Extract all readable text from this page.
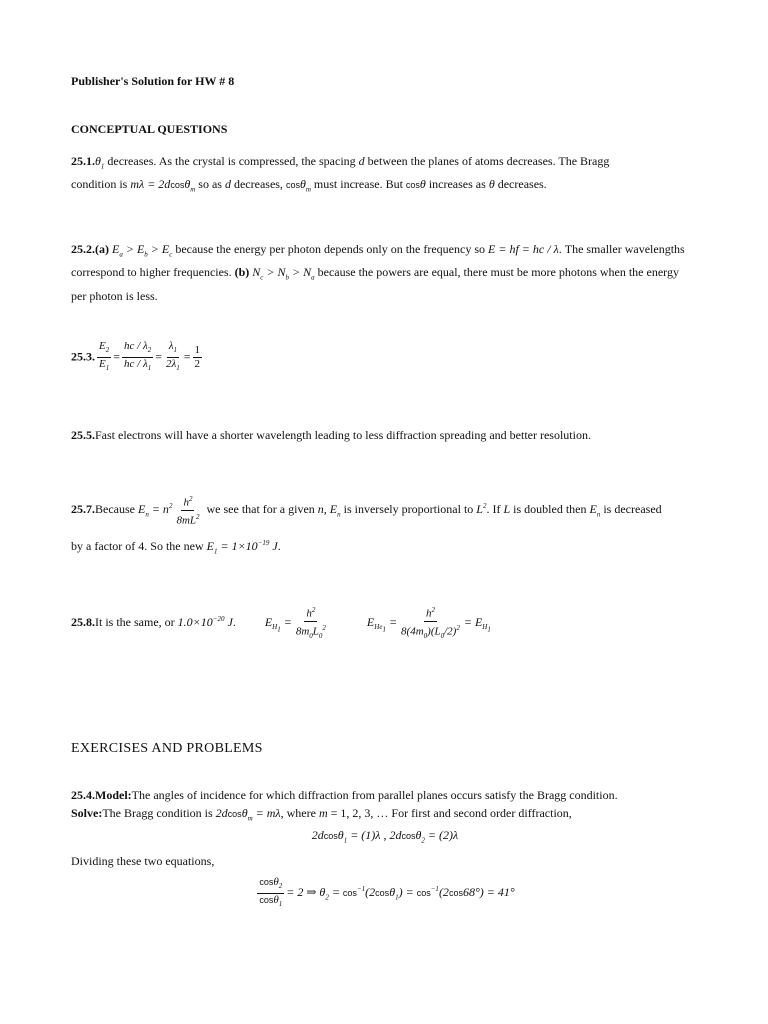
Publisher's Solution for HW # 8
CONCEPTUAL QUESTIONS
$25.1.\theta_1$ decreases. As the crystal is compressed, the spacing d between the planes of atoms decreases. The Bragg
condition is mλ = 2dcosθ$_m$ so as d decreases, cosθ$_m$ must increase. But cosθ increases as θ decreases.
25.2.(a) $E_a > E_b > E_c$ because the energy per photon depends only on the frequency so E = hf = hc / λ. The smaller wavelengths
correspond to higher frequencies. (b) $N_c > N_b > N_a$ because the powers are equal, there must be more photons when the energy
per photon is less.
25.3. $\frac{E_2}{E_1} = \frac{hc / \lambda_2}{hc / \lambda_1} = \frac{\lambda_1}{2\lambda_1} = \frac{1}{2}$
25.5.Fast electrons will have a shorter wavelength leading to less diffraction spreading and better resolution.
25.7.Because $E_n = n^2 \frac{h^2}{8mL^2}$ we see that for a given n, $E_n$ is inversely proportional to $L^2$. If L is doubled then $E_n$ is decreased
by a factor of 4. So the new $E_1 = 1\times 10^{-19}$ J.
25.8.It is the same, or $1.0\times 10^{-20}$ J. $E_{H_1} = \frac{h^2}{8m_0L_0^2}$	$E_{He_1} = \frac{h^2}{8(4m_0)(L_0/2)^2} = E_{H_1}$
EXERCISES AND PROBLEMS
25.4.Model:The angles of incidence for which diffraction from parallel planes occurs satisfy the Bragg condition.
Solve:The Bragg condition is 2dcosθ$_m$ = mλ, where m = 1, 2, 3, … For first and second order diffraction,
2dcosθ$_1$ = (1)λ , 2dcosθ$_2$ = (2)λ
Dividing these two equations,
$\frac{\cos\theta_2}{\cos\theta_1} = 2$ ⇒ $\theta_2 = \cos^{-1}(2\cos\theta_1) = \cos^{-1}(2\cos 68^\circ) = 41^\circ$
